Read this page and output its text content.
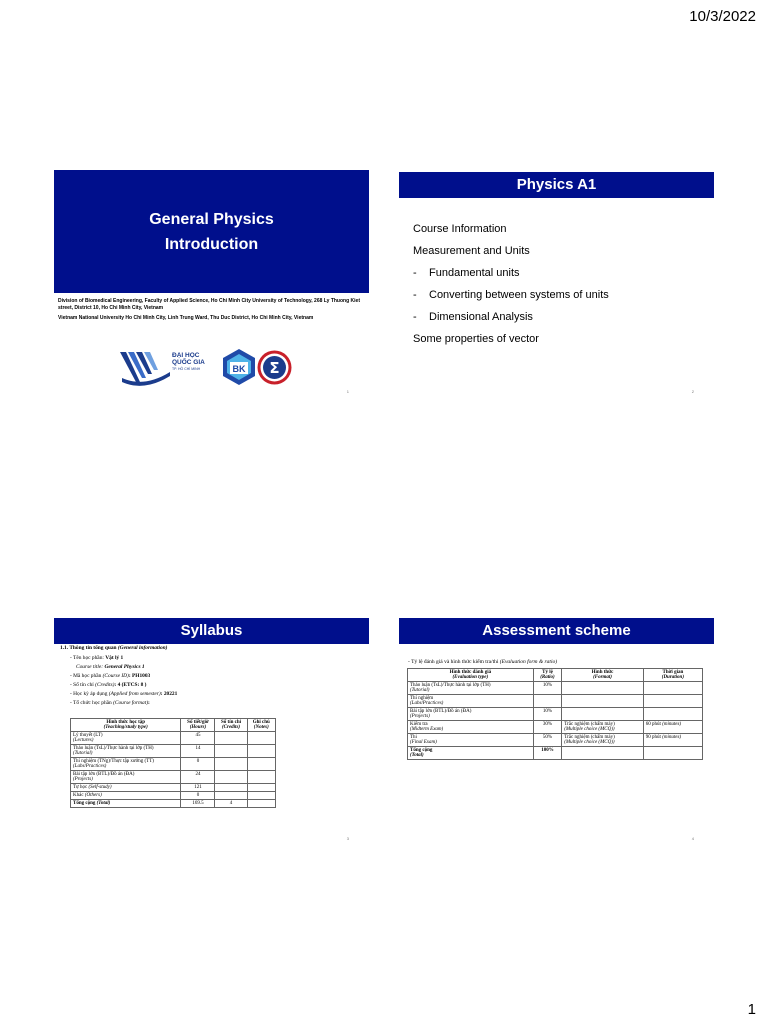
10/3/2022
General Physics
Introduction

Division of Biomedical Engineering, Faculty of Applied Science, Ho Chi Minh City University of Technology, 268 Ly Thuong Kiet street, District 10, Ho Chi Minh City, Vietnam

Vietnam National University Ho Chi Minh City, Linh Trung Ward, Thu Duc District, Ho Chi Minh City, Vietnam

ĐẠI HỌC
QUỐC GIA
TP. HỒ CHÍ MINH	BK Σ
1
Physics A1
Course Information
Measurement and Units
- Fundamental units
- Converting between systems of units
- Dimensional Analysis
Some properties of vector
2
Syllabus
1.1. Thông tin tổng quan (General information)
- Tên học phần: Vật lý 1
Course title: General Physics 1
- Mã học phần (Course ID): PH1003
- Số tín chỉ (Credits): 4 (ETCS: 8 )
- Học kỳ áp dụng (Applied from semester): 20221
- Tổ chức học phần (Course format):
Hình thức học tập
(Teaching/study type)	Số tiết/giờ
(Hours)	Số tín chỉ
(Credits)	Ghi chú
(Notes)

Lý thuyết (LT)
(Lectures)	45		
Thảo luận (TsL)/Thực hành tại lớp (TH)
(Tutorial)	14		
Thí nghiệm (TNg)/Thực tập xưởng (TT)
(Labs/Practices)	0		
Bài tập lớn (BTL)/Đồ án (ĐA)
(Projects)	24		
Tự học (Self-study)	121		
Khác (Others)	0		
Tổng cộng (Total)	169.5	4	
3
Assessment scheme
- Tỷ lệ đánh giá và hình thức kiểm tra/thi (Evaluation form & ratio)
Hình thức đánh giá
(Evaluation type)	Tỷ lệ
(Ratio)	Hình thức
(Format)	Thời gian
(Duration)

Thảo luận (TsL)/Thực hành tại lớp (TH)
(Tutorial)	10%	

Thí nghiệm
(Labs/Practices)			

Bài tập lớn (BTL)/Đồ án (ĐA)
(Projects)	10%	

Kiểm tra
(Midterm Exam)	30%	Trắc nghiệm (chấm máy)
(Multiple choice (MCQ))	60 phút (minutes)
Thi
(Final Exam)	50%	Trắc nghiệm (chấm máy)
(Multiple choice (MCQ))	90 phút (minutes)
Tổng cộng
(Total)	100%	

4
1
